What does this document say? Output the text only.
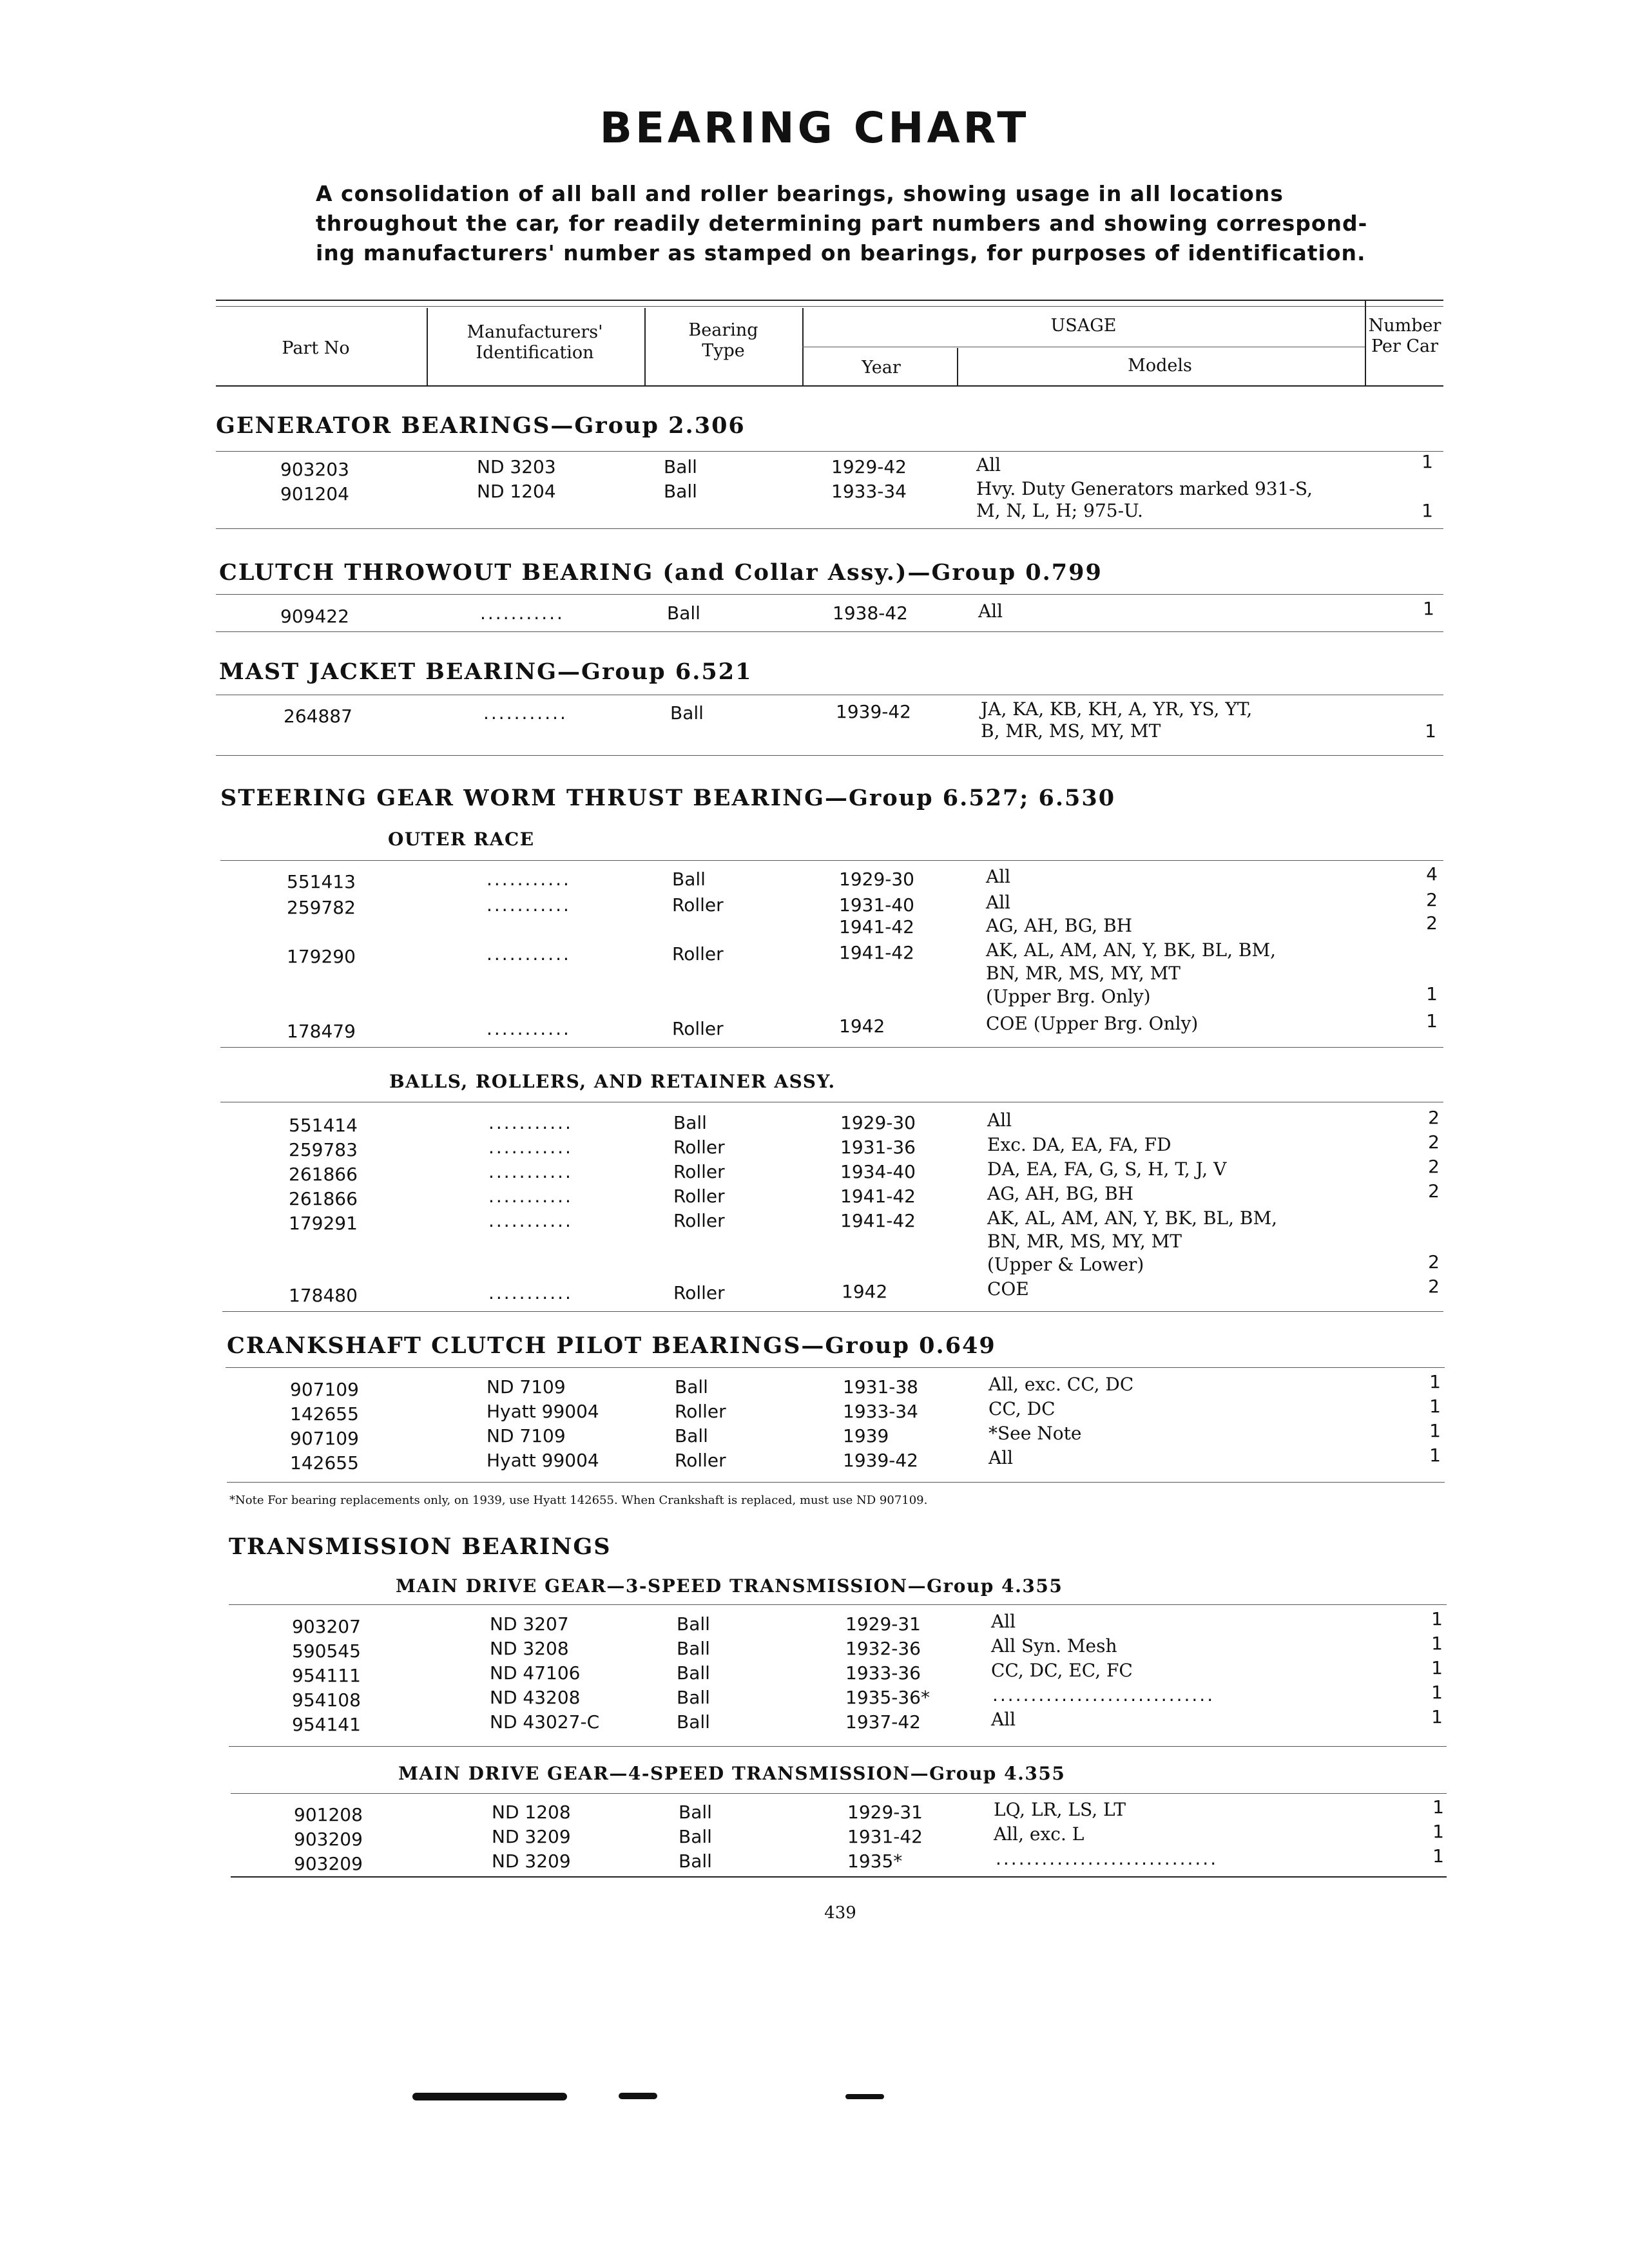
BEARING CHART
A consolidation of all ball and roller bearings, showing usage in all locations
throughout the car, for readily determining part numbers and showing correspond-
ing manufacturers' number as stamped on bearings, for purposes of identification.
Part No
Manufacturers'
Identification
Bearing
Type
USAGE
Year	Models
Number
Per Car
GENERATOR BEARINGS—Group 2.306
903203	ND 3203	Ball	1929-42	All	1
901204	ND 1204	Ball	1933-34	Hvy. Duty Generators marked 931-S,
M, N, L, H; 975-U.	1
CLUTCH THROWOUT BEARING (and Collar Assy.)—Group 0.799
909422	...........	Ball	1938-42	All	1
MAST JACKET BEARING—Group 6.521
264887	...........	Ball	1939-42	JA, KA, KB, KH, A, YR, YS, YT,
B, MR, MS, MY, MT	1
STEERING GEAR WORM THRUST BEARING—Group 6.527; 6.530
OUTER RACE
551413	...........	Ball	1929-30	All	4
259782	...........	Roller	1931-40	All	2
1941-42	AG, AH, BG, BH	2
179290	...........	Roller	1941-42	AK, AL, AM, AN, Y, BK, BL, BM,
BN, MR, MS, MY, MT
(Upper Brg. Only)	1
178479	...........	Roller	1942	COE (Upper Brg. Only)	1
BALLS, ROLLERS, AND RETAINER ASSY.
551414	...........	Ball	1929-30	All	2
259783	...........	Roller	1931-36	Exc. DA, EA, FA, FD	2
261866	...........	Roller	1934-40	DA, EA, FA, G, S, H, T, J, V	2
261866	...........	Roller	1941-42	AG, AH, BG, BH	2
179291	...........	Roller	1941-42	AK, AL, AM, AN, Y, BK, BL, BM,
BN, MR, MS, MY, MT
(Upper & Lower)	2
178480	...........	Roller	1942	COE	2
CRANKSHAFT CLUTCH PILOT BEARINGS—Group 0.649
907109	ND 7109	Ball	1931-38	All, exc. CC, DC	1
142655	Hyatt 99004	Roller	1933-34	CC, DC	1
907109	ND 7109	Ball	1939	*See Note	1
142655	Hyatt 99004	Roller	1939-42	All	1
*Note For bearing replacements only, on 1939, use Hyatt 142655. When Crankshaft is replaced, must use ND 907109.
TRANSMISSION BEARINGS
MAIN DRIVE GEAR—3-SPEED TRANSMISSION—Group 4.355
903207	ND 3207	Ball	1929-31	All	1
590545	ND 3208	Ball	1932-36	All Syn. Mesh	1
954111	ND 47106	Ball	1933-36	CC, DC, EC, FC	1
954108	ND 43208	Ball	1935-36*	.............................	1
954141	ND 43027-C	Ball	1937-42	All	1
MAIN DRIVE GEAR—4-SPEED TRANSMISSION—Group 4.355
901208	ND 1208	Ball	1929-31	LQ, LR, LS, LT	1
903209	ND 3209	Ball	1931-42	All, exc. L	1
903209	ND 3209	Ball	1935*	.............................	1
439
